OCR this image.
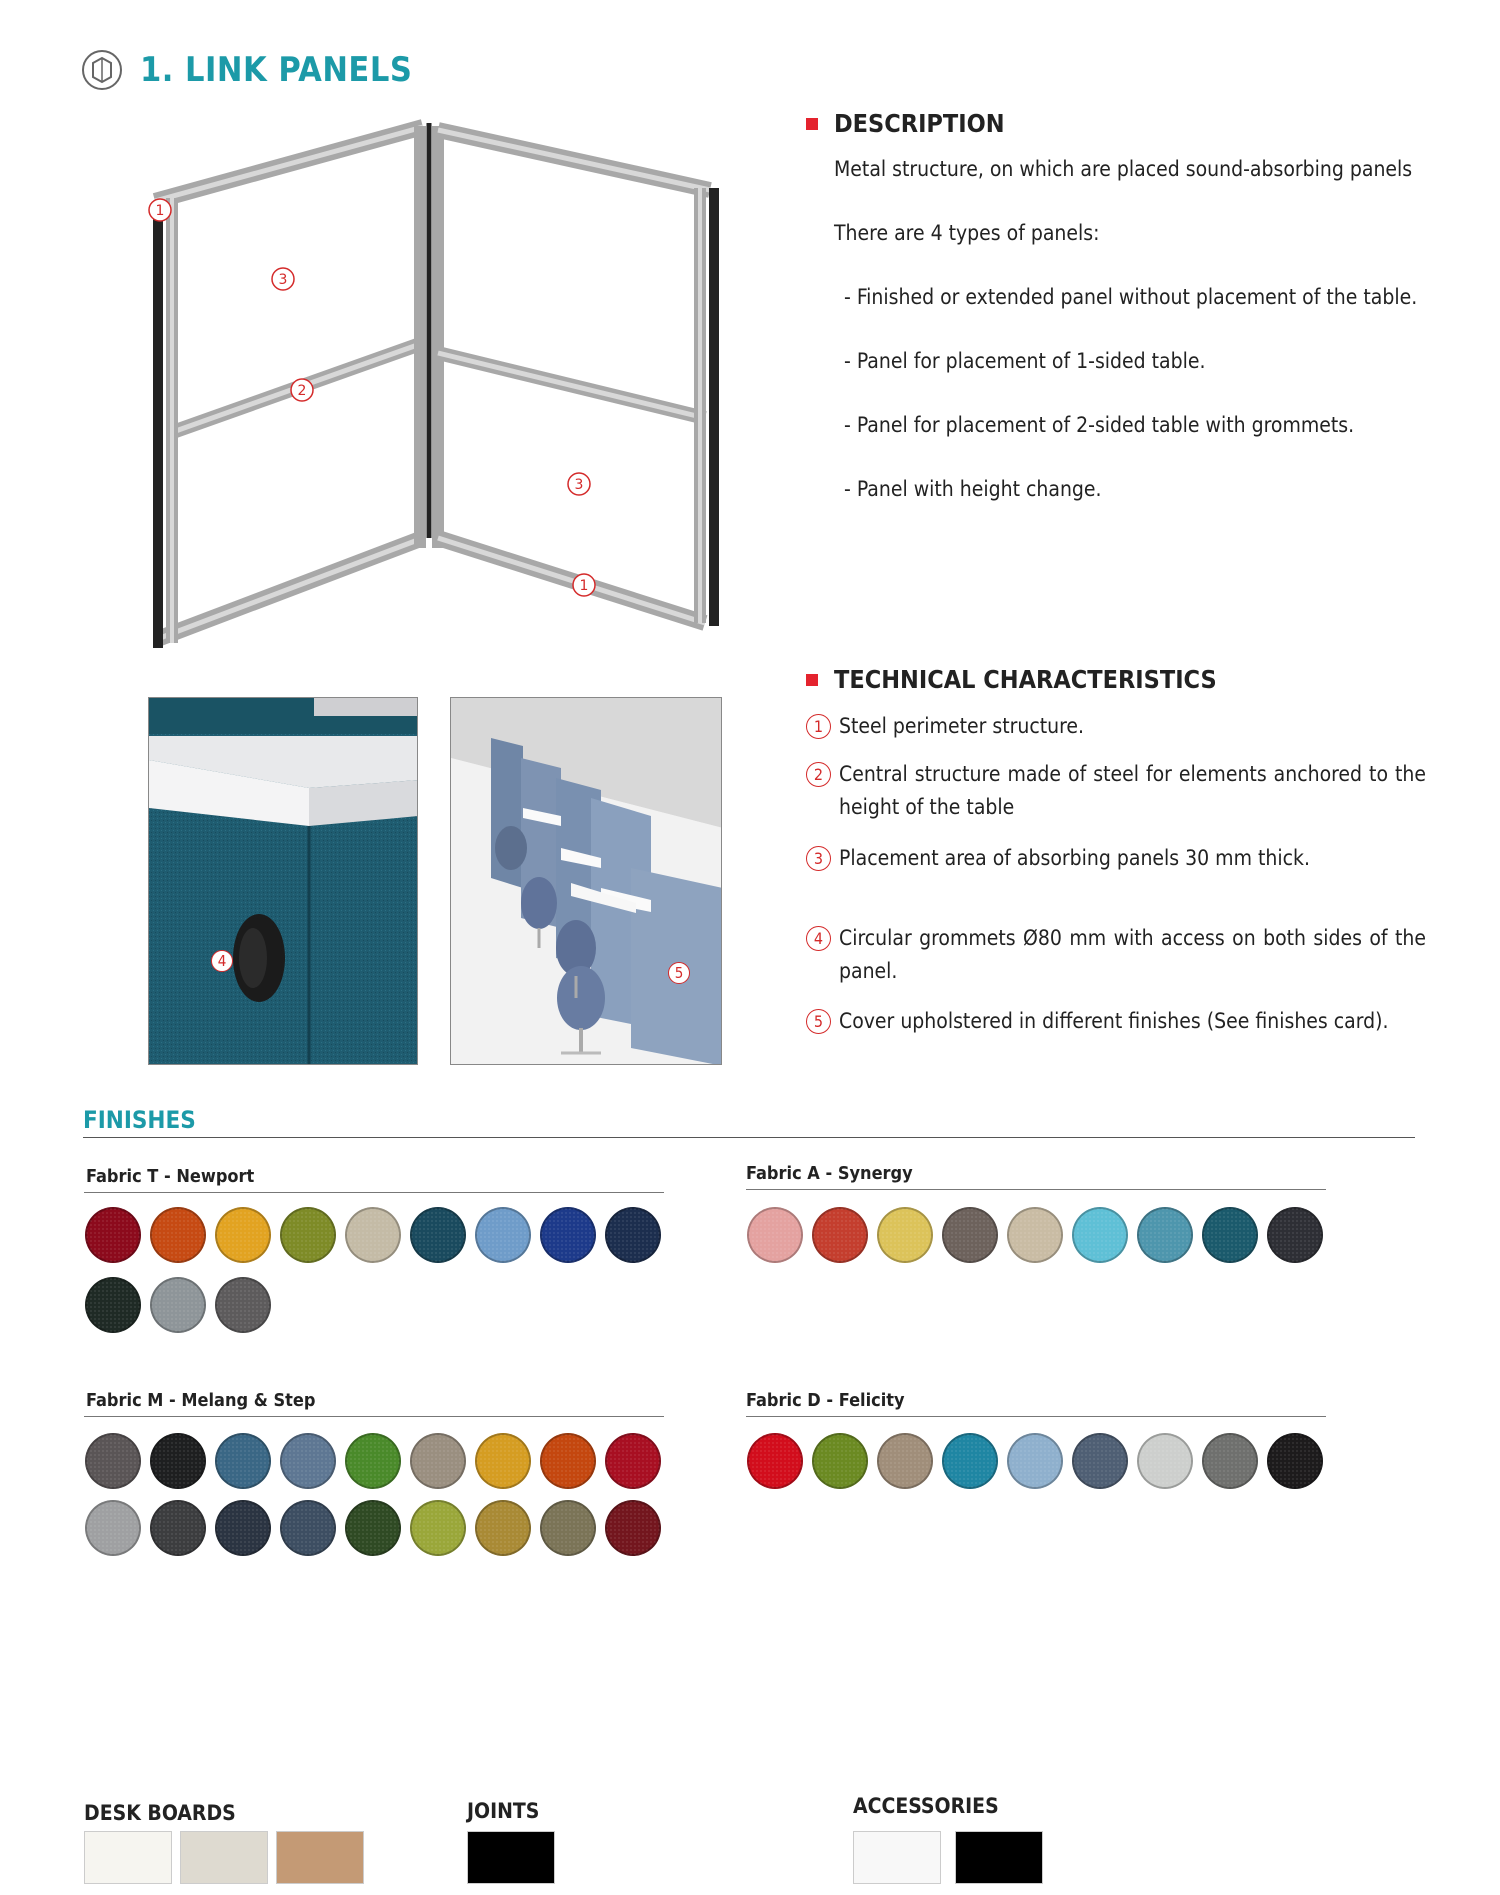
1. LINK PANELS
1
3
2
3
1
4
5
DESCRIPTION
Metal structure, on which are placed sound-absorbing panels
There are 4 types of panels:
- Finished or extended panel without placement of the table.
- Panel for placement of 1-sided table.
- Panel for placement of 2-sided table with grommets.
- Panel with height change.
TECHNICAL CHARACTERISTICS
1 Steel perimeter structure.
2 Central structure made of steel for elements anchored to the height of the table
3 Placement area of absorbing panels 30 mm thick.
4 Circular grommets Ø80 mm with access on both sides of the panel.
5 Cover upholstered in different finishes (See finishes card).
FINISHES
Fabric T - Newport	Fabric A - Synergy
Fabric M - Melang & Step	Fabric D - Felicity
DESK BOARDS	JOINTS	ACCESSORIES
